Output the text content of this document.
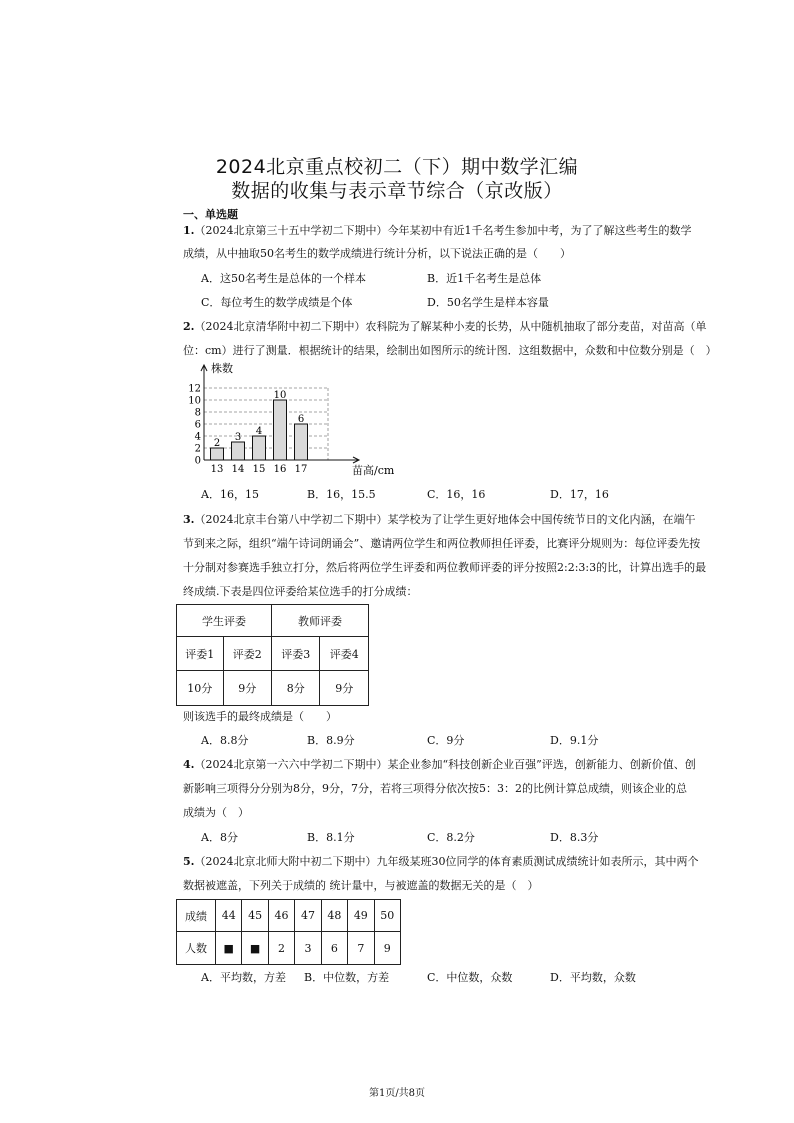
2024北京重点校初二（下）期中数学汇编
数据的收集与表示章节综合（京改版）
一、单选题
1.（2024北京第三十五中学初二下期中）今年某初中有近1千名考生参加中考，为了了解这些考生的数学
成绩，从中抽取50名考生的数学成绩进行统计分析，以下说法正确的是（　　）
A．这50名考生是总体的一个样本	B．近1千名考生是总体
C．每位考生的数学成绩是个体	D．50名学生是样本容量
2.（2024北京清华附中初二下期中）农科院为了解某种小麦的长势，从中随机抽取了部分麦苗，对苗高（单
位：cm）进行了测量．根据统计的结果，绘制出如图所示的统计图．这组数据中，众数和中位数分别是（　）
0
2
4
6
8
10
12
株数
苗高/cm
2
13
3
14
4
15
10
16
6
17
A．16，15	B．16，15.5	C．16，16	D．17，16
3.（2024北京丰台第八中学初二下期中）某学校为了让学生更好地体会中国传统节日的文化内涵，在端午
节到来之际，组织“端午诗词朗诵会”、邀请两位学生和两位教师担任评委，比赛评分规则为：每位评委先按
十分制对参赛选手独立打分，然后将两位学生评委和两位教师评委的评分按照2:2:3:3的比，计算出选手的最
终成绩.下表是四位评委给某位选手的打分成绩：
学生评委		教师评委	
评委1	评委2	评委3	评委4
10分	9分	8分	9分
则该选手的最终成绩是（　　）
A．8.8分	B．8.9分	C．9分	D．9.1分
4.（2024北京第一六六中学初二下期中）某企业参加“科技创新企业百强”评选，创新能力、创新价值、创
新影响三项得分分别为8分，9分，7分，若将三项得分依次按5：3：2的比例计算总成绩，则该企业的总
成绩为（　）
A．8分	B．8.1分	C．8.2分	D．8.3分
5.（2024北京北师大附中初二下期中）九年级某班30位同学的体育素质测试成绩统计如表所示，其中两个
数据被遮盖，下列关于成绩的 统计量中，与被遮盖的数据无关的是（　）
成绩	44	45	46	47	48	49	50
人数	■	■	2	3	6	7	9
A．平均数，方差 B．中位数，方差	C．中位数，众数	D．平均数，众数
第1页/共8页
